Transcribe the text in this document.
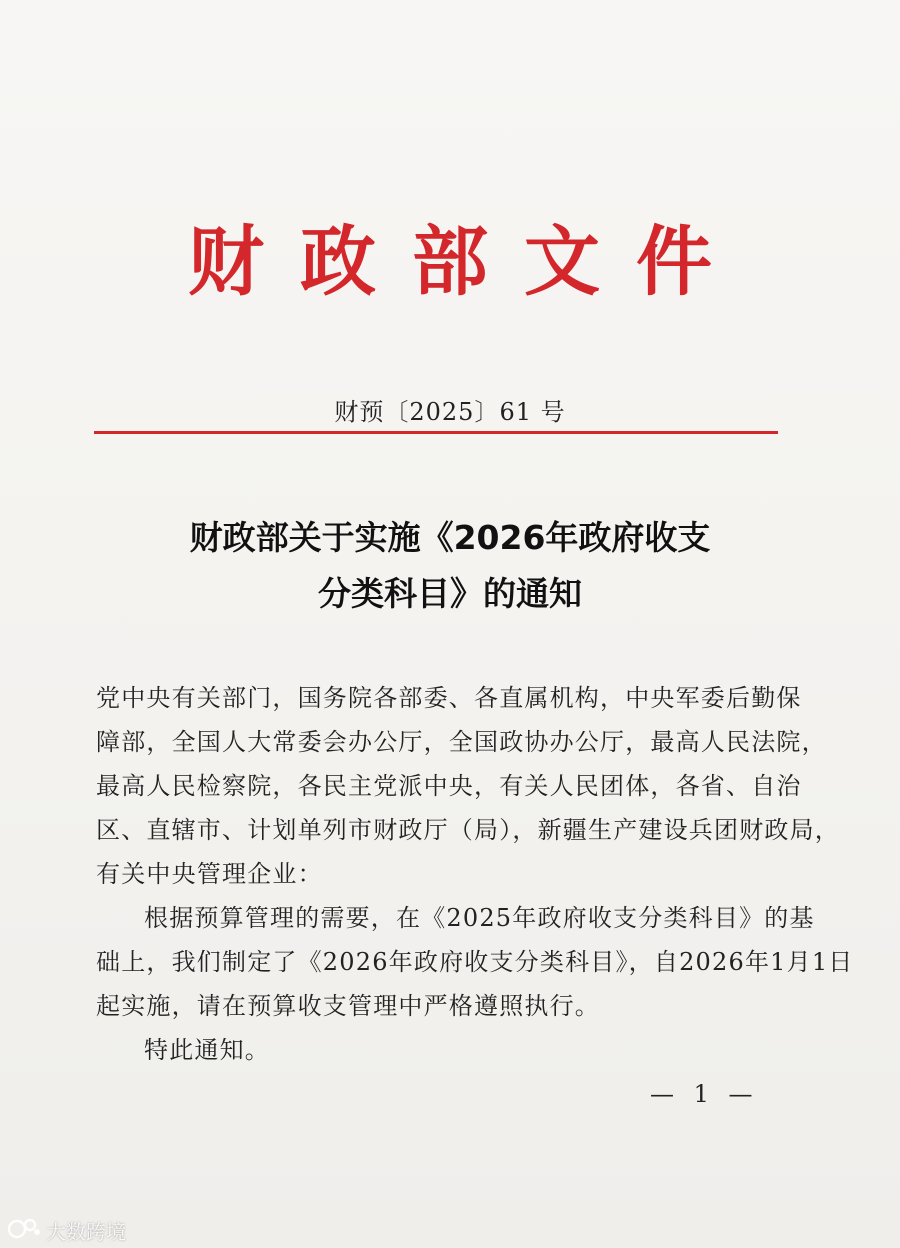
财政部文件
财预〔2025〕61 号
财政部关于实施《2026年政府收支
分类科目》的通知
党中央有关部门，国务院各部委、各直属机构，中央军委后勤保
障部，全国人大常委会办公厅，全国政协办公厅，最高人民法院，
最高人民检察院，各民主党派中央，有关人民团体，各省、自治
区、直辖市、计划单列市财政厅（局），新疆生产建设兵团财政局，
有关中央管理企业：
根据预算管理的需要，在《2025年政府收支分类科目》的基
础上，我们制定了《2026年政府收支分类科目》，自2026年1月1日
起实施，请在预算收支管理中严格遵照执行。
特此通知。
— 1 —
大数跨境
